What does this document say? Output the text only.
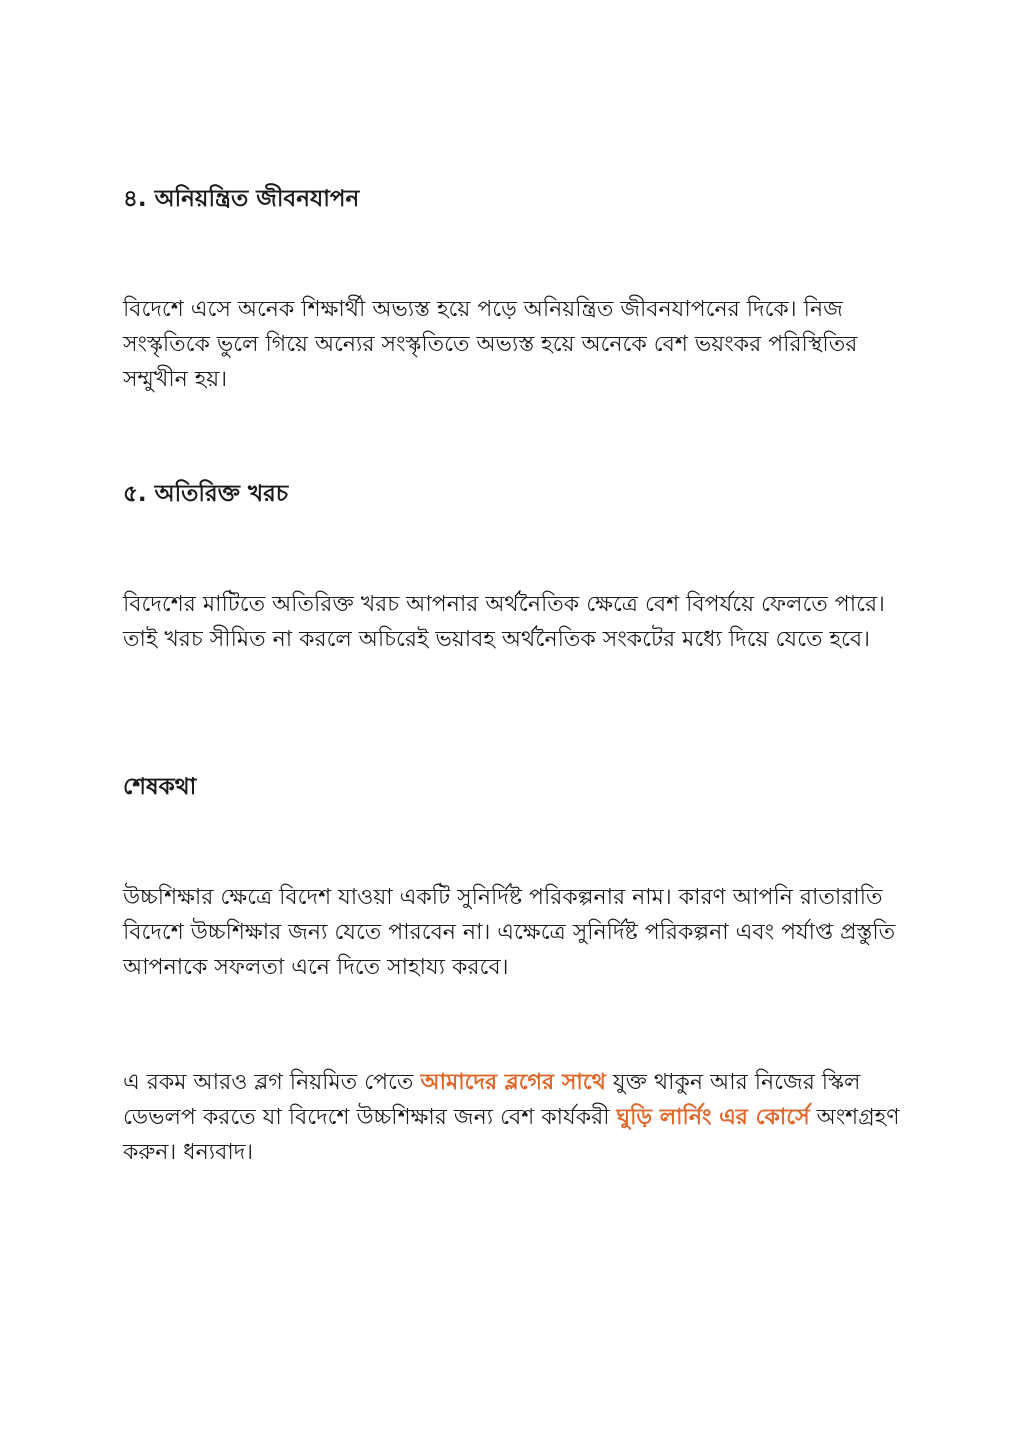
৪. অনিয়ন্ত্রিত জীবনযাপন

বিদেশে এসে অনেক শিক্ষার্থী অভ্যস্ত হয়ে পড়ে অনিয়ন্ত্রিত জীবনযাপনের দিকে। নিজ সংস্কৃতিকে ভুলে গিয়ে অন্যের সংস্কৃতিতে অভ্যস্ত হয়ে অনেকে বেশ ভয়ংকর পরিস্থিতির সম্মুখীন হয়।

৫. অতিরিক্ত খরচ

বিদেশের মাটিতে অতিরিক্ত খরচ আপনার অর্থনৈতিক ক্ষেত্রে বেশ বিপর্যয়ে ফেলতে পারে। তাই খরচ সীমিত না করলে অচিরেই ভয়াবহ অর্থনৈতিক সংকটের মধ্যে দিয়ে যেতে হবে।

শেষকথা

উচ্চশিক্ষার ক্ষেত্রে বিদেশ যাওয়া একটি সুনির্দিষ্ট পরিকল্পনার নাম। কারণ আপনি রাতারাতি বিদেশে উচ্চশিক্ষার জন্য যেতে পারবেন না। এক্ষেত্রে সুনির্দিষ্ট পরিকল্পনা এবং পর্যাপ্ত প্রস্তুতি আপনাকে সফলতা এনে দিতে সাহায্য করবে।

এ রকম আরও ব্লগ নিয়মিত পেতে আমাদের ব্লগের সাথে যুক্ত থাকুন আর নিজের স্কিল ডেভলপ করতে যা বিদেশে উচ্চশিক্ষার জন্য বেশ কার্যকরী ঘুড়ি লার্নিং এর কোর্সে অংশগ্রহণ করুন। ধন্যবাদ।
